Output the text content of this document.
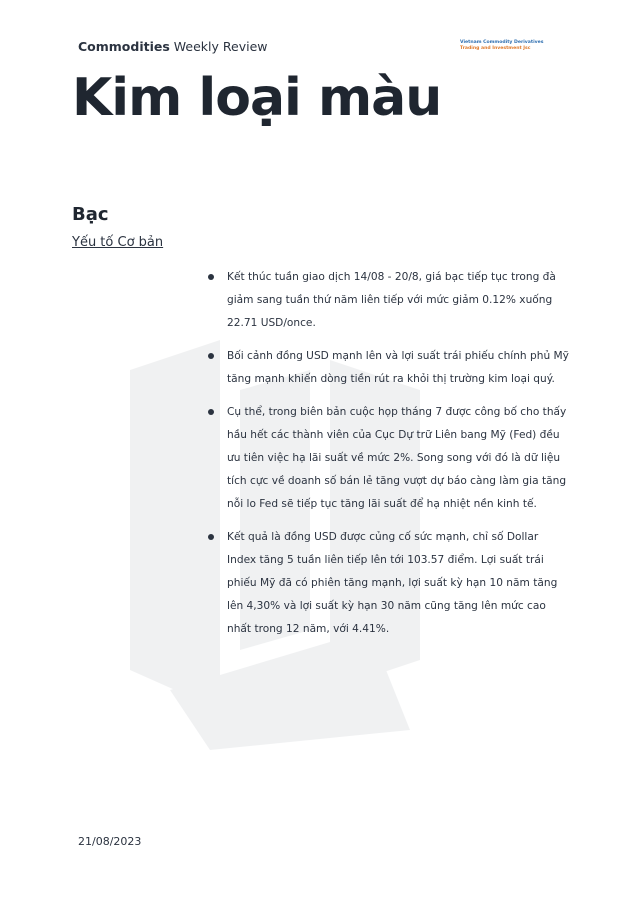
Commodities Weekly Review	Vietnam Commodity Derivatives
Trading and Investment Jsc
Kim loại màu
Bạc
Yếu tố Cơ bản
Kết thúc tuần giao dịch 14/08 - 20/8, giá bạc tiếp tục trong đà giảm sang tuần thứ năm liên tiếp với mức giảm 0.12% xuống 22.71 USD/once.
Bối cảnh đồng USD mạnh lên và lợi suất trái phiếu chính phủ Mỹ tăng mạnh khiến dòng tiền rút ra khỏi thị trường kim loại quý.
Cụ thể, trong biên bản cuộc họp tháng 7 được công bố cho thấy hầu hết các thành viên của Cục Dự trữ Liên bang Mỹ (Fed) đều ưu tiên việc hạ lãi suất về mức 2%. Song song với đó là dữ liệu tích cực về doanh số bán lẻ tăng vượt dự báo càng làm gia tăng nỗi lo Fed sẽ tiếp tục tăng lãi suất để hạ nhiệt nền kinh tế.
Kết quả là đồng USD được củng cố sức mạnh, chỉ số Dollar Index tăng 5 tuần liên tiếp lên tới 103.57 điểm. Lợi suất trái phiếu Mỹ đã có phiên tăng mạnh, lợi suất kỳ hạn 10 năm tăng lên 4,30% và lợi suất kỳ hạn 30 năm cũng tăng lên mức cao nhất trong 12 năm, với 4.41%.
21/08/2023
